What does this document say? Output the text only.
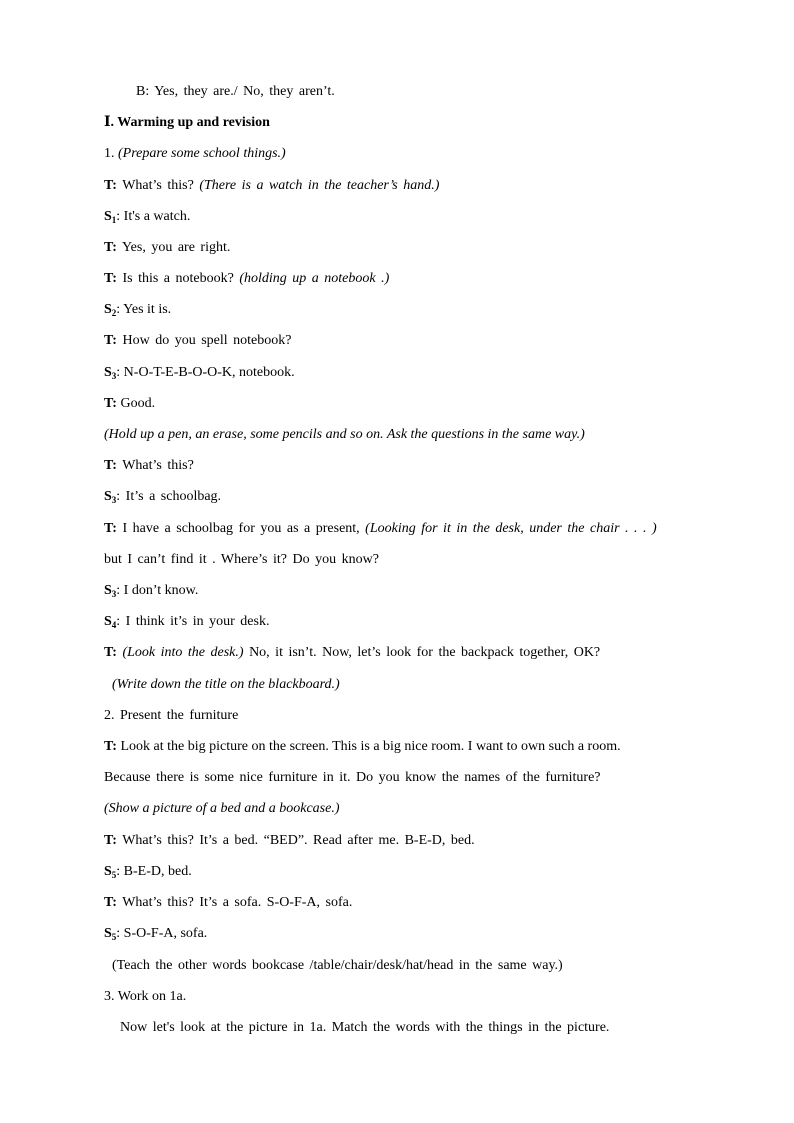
B: Yes, they are./ No, they aren’t.
Ⅰ. Warming up and revision
1. (Prepare some school things.)
T: What’s this? (There is a watch in the teacher’s hand.)
$S_1$: It's a watch.
T: Yes, you are right.
T: Is this a notebook? (holding up a notebook .)
$S_2$: Yes it is.
T: How do you spell notebook?
$S_3$: N-O-T-E-B-O-O-K, notebook.
T: Good.
(Hold up a pen, an erase, some pencils and so on. Ask the questions in the same way.)
T: What’s this?
$S_3$: It’s a schoolbag.
T: I have a schoolbag for you as a present, (Looking for it in the desk, under the chair . . . )
but I can’t find it . Where’s it? Do you know?
$S_3$: I don’t know.
$S_4$: I think it’s in your desk.
T: (Look into the desk.) No, it isn’t. Now, let’s look for the backpack together, OK?
(Write down the title on the blackboard.)
2. Present the furniture
T: Look at the big picture on the screen. This is a big nice room. I want to own such a room.
Because there is some nice furniture in it. Do you know the names of the furniture?
(Show a picture of a bed and a bookcase.)
T: What’s this? It’s a bed. “BED”. Read after me. B-E-D, bed.
$S_5$: B-E-D, bed.
T: What’s this? It’s a sofa. S-O-F-A, sofa.
$S_5$: S-O-F-A, sofa.
(Teach the other words bookcase /table/chair/desk/hat/head in the same way.)
3. Work on 1a.
Now let's look at the picture in 1a. Match the words with the things in the picture.
